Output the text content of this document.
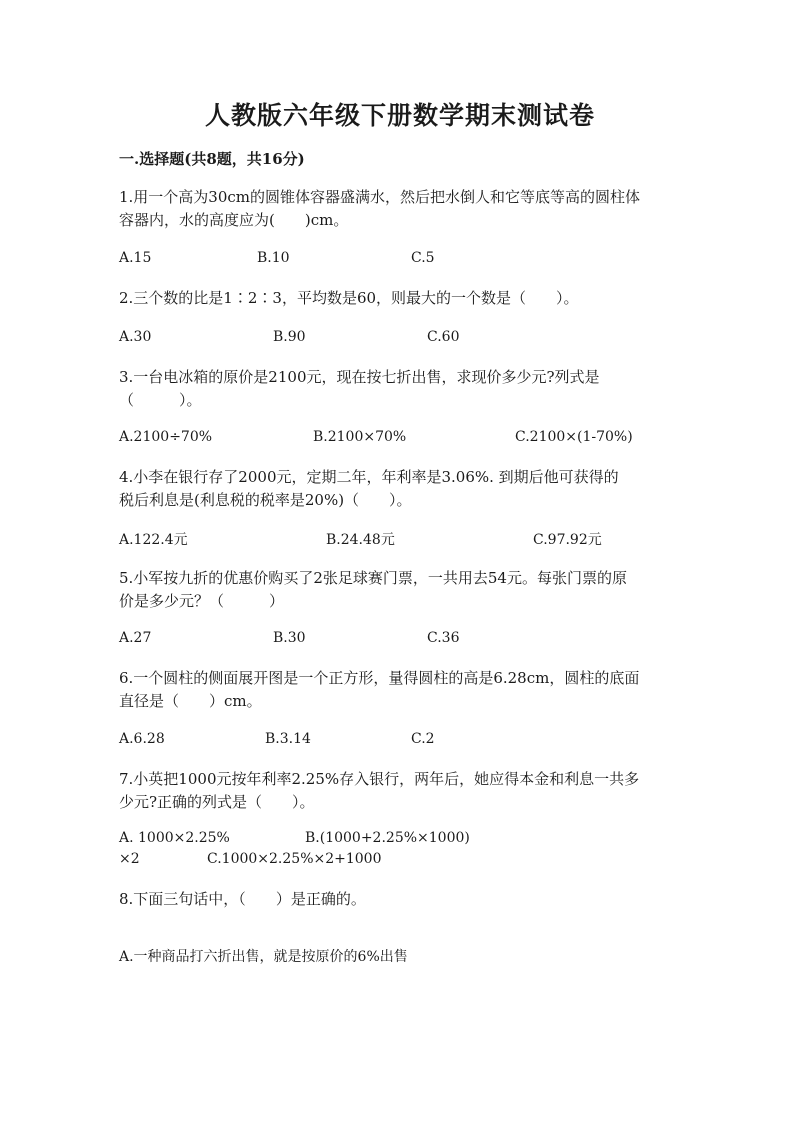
人教版六年级下册数学期末测试卷
一.选择题(共8题，共16分)
1.用一个高为30cm的圆锥体容器盛满水，然后把水倒人和它等底等高的圆柱体
容器内，水的高度应为(　　)cm。
A.15	B.10	C.5
2.三个数的比是1∶2∶3，平均数是60，则最大的一个数是（　　）。
A.30	B.90	C.60
3.一台电冰箱的原价是2100元，现在按七折出售，求现价多少元?列式是
（　　　）。
A.2100÷70%	B.2100×70%	C.2100×(1-70%)
4.小李在银行存了2000元，定期二年，年利率是3.06%. 到期后他可获得的
税后利息是(利息税的税率是20%)（　　）。
A.122.4元	B.24.48元	C.97.92元
5.小军按九折的优惠价购买了2张足球赛门票，一共用去54元。每张门票的原
价是多少元？（　　　）
A.27	B.30	C.36
6.一个圆柱的侧面展开图是一个正方形，量得圆柱的高是6.28cm，圆柱的底面
直径是（　　）cm。
A.6.28	B.3.14	C.2
7.小英把1000元按年利率2.25%存入银行，两年后，她应得本金和利息一共多
少元?正确的列式是（　　）。
A. 1000×2.25%	B.(1000+2.25%×1000)
×2	C.1000×2.25%×2+1000
8.下面三句话中，（　　）是正确的。
A.一种商品打六折出售，就是按原价的6%出售
